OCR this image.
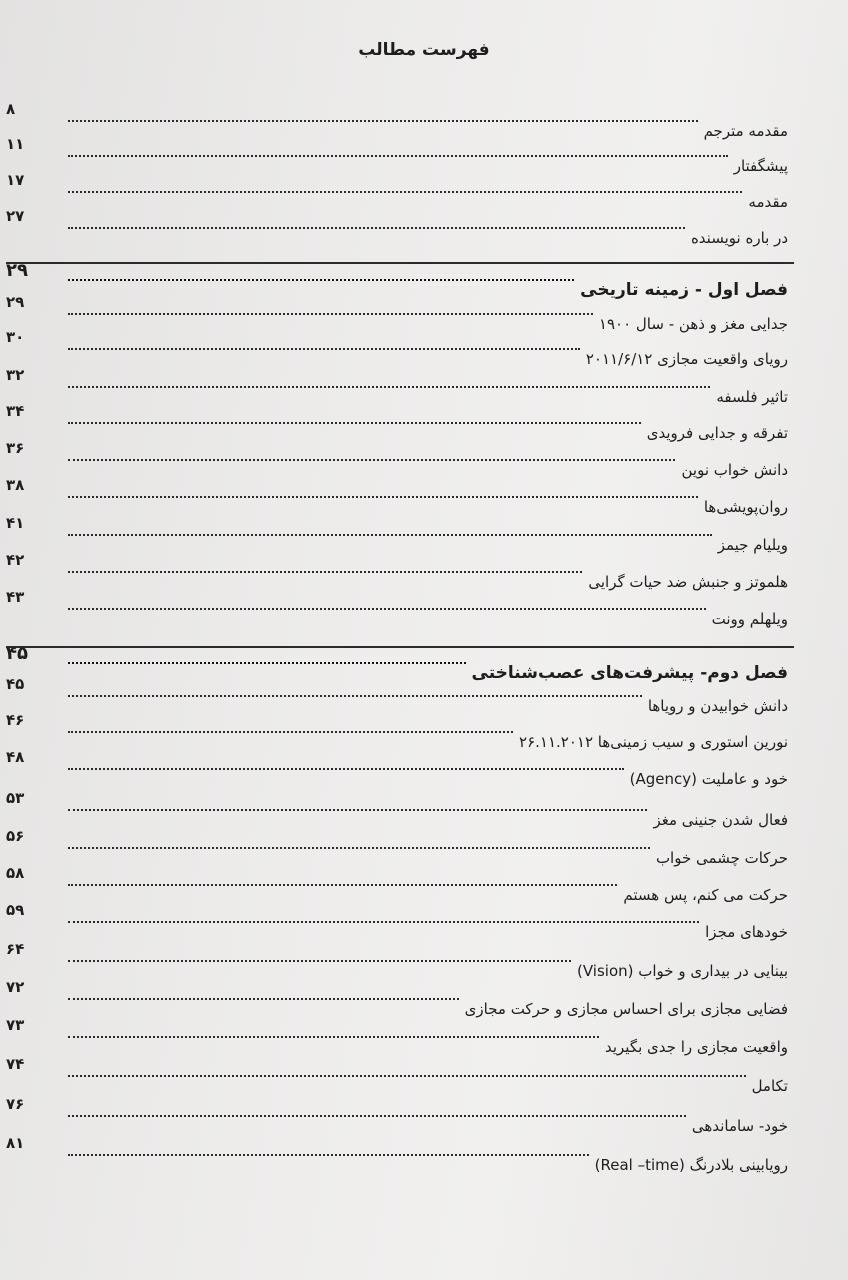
فهرست مطالب
مقدمه مترجم
۸
پیشگفتار
۱۱
مقدمه
۱۷
در باره نویسنده
۲۷
فصل اول - زمینه تاریخی
۲۹
جدایی مغز و ذهن - سال ۱۹۰۰
۲۹
رویای واقعیت مجازی ۲۰۱۱/۶/۱۲
۳۰
تاثیر فلسفه
۳۲
تفرقه و جدایی فرویدی
۳۴
دانش خواب نوین
۳۶
روان‌پویشی‌ها
۳۸
ویلیام جیمز
۴۱
هلموتز و جنبش ضد حیات گرایی
۴۲
ویلهلم وونت
۴۳
فصل دوم- پیشرفت‌های عصب‌شناختی
۴۵
دانش خوابیدن و رویاها
۴۵
نورین استوری و سیب زمینی‌ها ۲۶.۱۱.۲۰۱۲
۴۶
خود و عاملیت (Agency)
۴۸
فعال شدن جنینی مغز
۵۳
حرکات چشمی خواب
۵۶
حرکت می کنم، پس هستم
۵۸
خودهای مجزا
۵۹
بینایی در بیداری و خواب (Vision)
۶۴
فضایی مجازی برای احساس مجازی و حرکت مجازی
۷۲
واقعیت مجازی را جدی بگیرید
۷۳
تکامل
۷۴
خود- ساماندهی
۷۶
رویابینی بلادرنگ (Real –time)
۸۱
